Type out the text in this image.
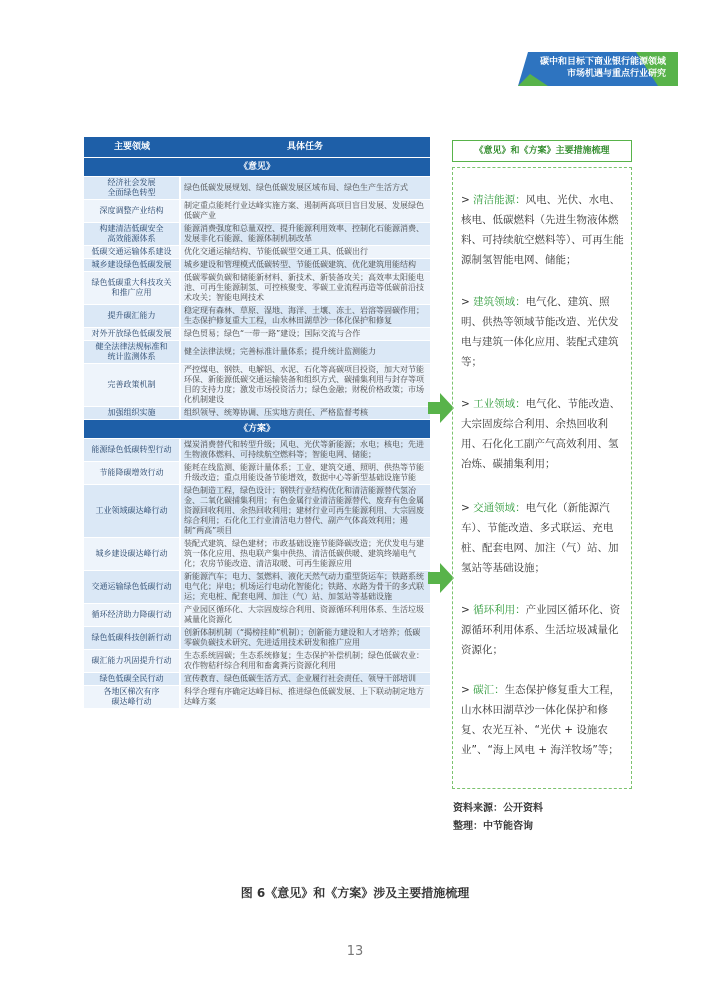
碳中和目标下商业银行能源领域
市场机遇与重点行业研究
主要领域	具体任务
《意见》	
经济社会发展
全面绿色转型	绿色低碳发展规划、绿色低碳发展区域布局、绿色生产生活方式
深度调整产业结构	制定重点能耗行业达峰实施方案、遏制两高项目盲目发展、发展绿色低碳产业
构建清洁低碳安全
高效能源体系	能源消费强度和总量双控、提升能源利用效率、控制化石能源消费、发展非化石能源、能源体制机制改革
低碳交通运输体系建设	优化交通运输结构、节能低碳型交通工具、低碳出行
城乡建设绿色低碳发展	城乡建设和管理模式低碳转型、节能低碳建筑、优化建筑用能结构
绿色低碳重大科技攻关
和推广应用	低碳零碳负碳和储能新材料、新技术、新装备攻关；高效率太阳能电池、可再生能源制氢、可控核聚变、零碳工业流程再造等低碳前沿技术攻关；智能电网技术
提升碳汇能力	稳定现有森林、草原、湿地、海洋、土壤、冻土、岩溶等固碳作用；生态保护修复重大工程，山水林田湖草沙一体化保护和修复
对外开放绿色低碳发展	绿色贸易；绿色“一带一路”建设；国际交流与合作
健全法律法规标准和
统计监测体系	健全法律法规；完善标准计量体系；提升统计监测能力
完善政策机制	严控煤电、钢铁、电解铝、水泥、石化等高碳项目投资，加大对节能环保、新能源低碳交通运输装备和组织方式、碳捕集利用与封存等项目的支持力度；激发市场投资活力；绿色金融；财税价格政策；市场化机制建设
加强组织实施	组织领导、统筹协调、压实地方责任、严格监督考核
《方案》	
能源绿色低碳转型行动	煤炭消费替代和转型升级；风电、光伏等新能源；水电；核电；先进生物液体燃料、可持续航空燃料等；智能电网、储能；
节能降碳增效行动	能耗在线监测、能源计量体系；工业、建筑交通、照明、供热等节能升级改造；重点用能设备节能增效，数据中心等新型基础设施节能
工业领域碳达峰行动	绿色制造工程，绿色设计；钢铁行业结构优化和清洁能源替代氢冶金、二氧化碳捕集利用；有色金属行业清洁能源替代、废弃有色金属资源回收利用、余热回收利用；建材行业可再生能源利用、大宗固废综合利用；石化化工行业清洁电力替代、副产气体高效利用；遏制“两高”项目
城乡建设碳达峰行动	装配式建筑、绿色建材；市政基础设施节能降碳改造；光伏发电与建筑一体化应用、热电联产集中供热、清洁低碳供暖、建筑终端电气化；农房节能改造、清洁取暖、可再生能源应用
交通运输绿色低碳行动	新能源汽车；电力、氢燃料、液化天然气动力重型货运车；铁路系统电气化；岸电；机场运行电动化智能化；铁路、水路为骨干的多式联运；充电桩、配套电网、加注（气）站、加氢站等基础设施
循环经济助力降碳行动	产业园区循环化、大宗固废综合利用、资源循环利用体系、生活垃圾减量化资源化
绿色低碳科技创新行动	创新体制机制（“揭榜挂帅”机制）；创新能力建设和人才培养；低碳零碳负碳技术研究、先进适用技术研发和推广应用
碳汇能力巩固提升行动	生态系统固碳；生态系统修复；生态保护补偿机制；绿色低碳农业：农作物秸秆综合利用和畜禽粪污资源化利用
绿色低碳全民行动	宣传教育、绿色低碳生活方式、企业履行社会责任、领导干部培训
各地区梯次有序
碳达峰行动	科学合理有序确定达峰目标、推进绿色低碳发展、上下联动制定地方达峰方案
《意见》和《方案》主要措施梳理
> 清洁能源：风电、光伏、水电、核电、低碳燃料（先进生物液体燃料、可持续航空燃料等）、可再生能源制氢智能电网、储能；
> 建筑领域：电气化、建筑、照明、供热等领域节能改造、光伏发电与建筑一体化应用、装配式建筑等；
> 工业领域：电气化、节能改造、大宗固废综合利用、余热回收利用、石化化工副产气高效利用、氢冶炼、碳捕集利用；
> 交通领域：电气化（新能源汽车）、节能改造、多式联运、充电桩、配套电网、加注（气）站、加氢站等基础设施；
> 循环利用：产业园区循环化、资源循环利用体系、生活垃圾减量化资源化；
> 碳汇：生态保护修复重大工程，山水林田湖草沙一体化保护和修复、农光互补、“光伏 + 设施农业”、“海上风电 + 海洋牧场”等；
资料来源：公开资料
整理：中节能咨询
图 6《意见》和《方案》涉及主要措施梳理
13
